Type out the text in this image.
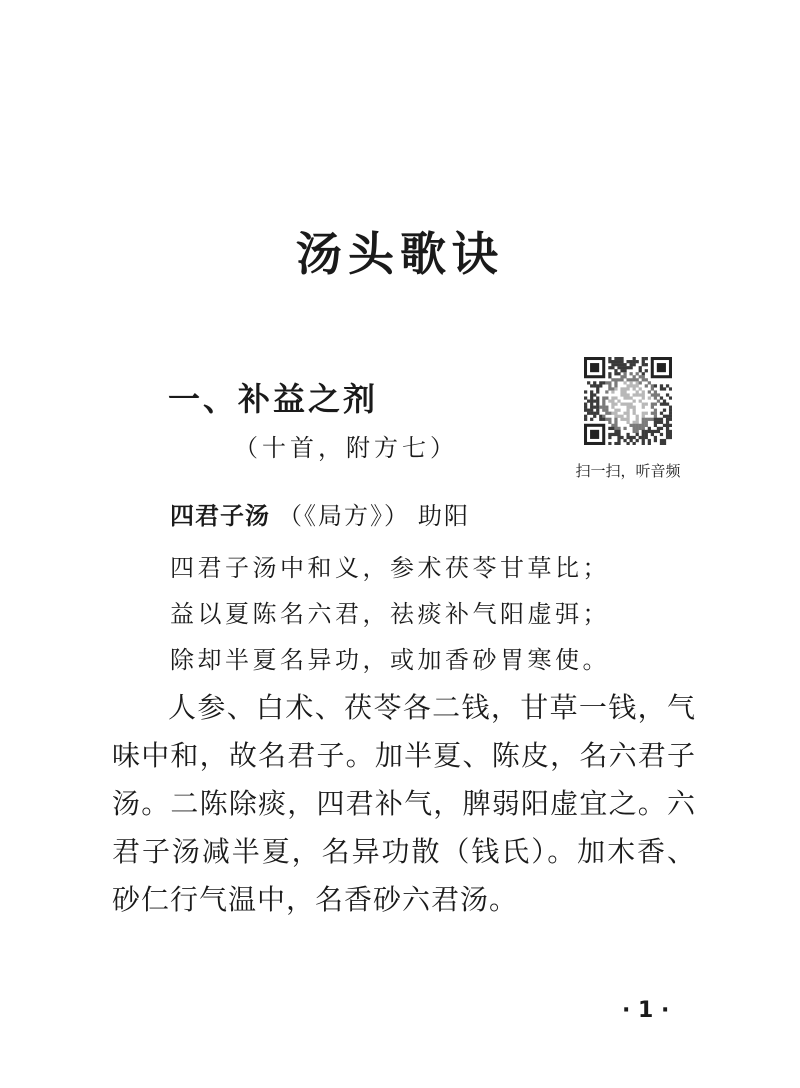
汤头歌诀
一、补益之剂
（十首，附方七）
扫一扫，听音频
四君子汤 （《局方》） 助阳
四君子汤中和义，参术茯苓甘草比；
益以夏陈名六君，祛痰补气阳虚弭；
除却半夏名异功，或加香砂胃寒使。

人参、白术、茯苓各二钱，甘草一钱，气味中和，故名君子。加半夏、陈皮，名六君子汤。二陈除痰，四君补气，脾弱阳虚宜之。六君子汤减半夏，名异功散（钱氏）。加木香、砂仁行气温中，名香砂六君汤。

· 1 ·
